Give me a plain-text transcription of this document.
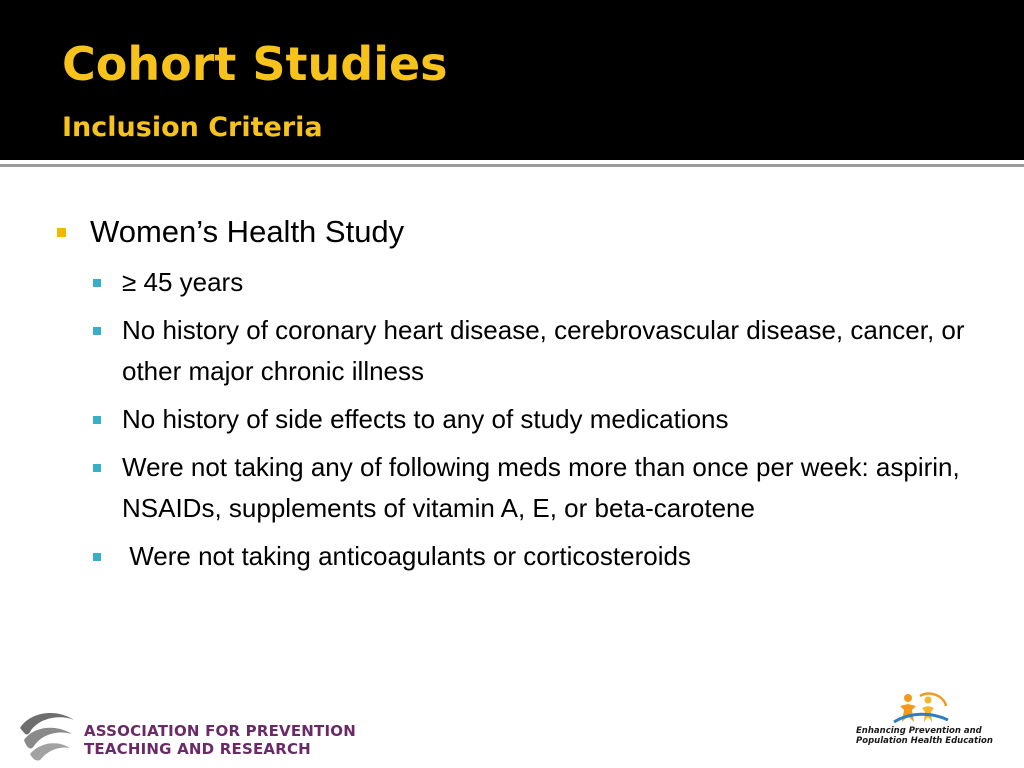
Cohort Studies
Inclusion Criteria
Women’s Health Study
≥ 45 years
No history of coronary heart disease, cerebrovascular disease, cancer, or other major chronic illness
No history of side effects to any of study medications
Were not taking any of following meds more than once per week: aspirin, NSAIDs, supplements of vitamin A, E, or beta-carotene
Were not taking anticoagulants or corticosteroids
ASSOCIATION FOR PREVENTION
TEACHING AND RESEARCH
Enhancing Prevention and
Population Health Education
